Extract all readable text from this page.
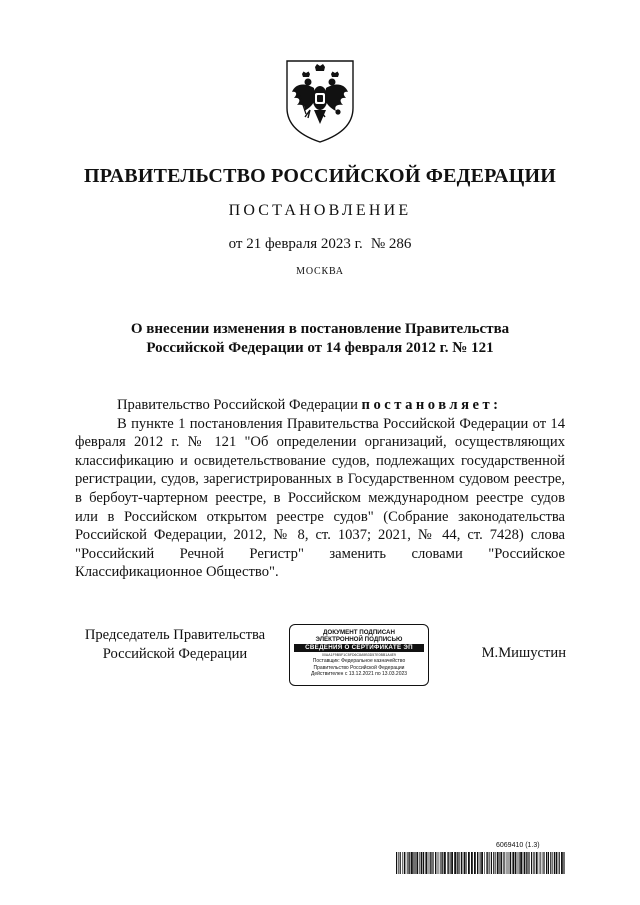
ПРАВИТЕЛЬСТВО РОССИЙСКОЙ ФЕДЕРАЦИИ
ПОСТАНОВЛЕНИЕ
от 21 февраля 2023 г. № 286
МОСКВА
О внесении изменения в постановление Правительства
Российской Федерации от 14 февраля 2012 г. № 121

Правительство Российской Федерации постановляет:

В пункте 1 постановления Правительства Российской Федерации от 14 февраля 2012 г. № 121 "Об определении организаций, осуществляющих классификацию и освидетельствование судов, подлежащих государственной регистрации, судов, зарегистрированных в Государственном судовом реестре, в бербоут-чартерном реестре, в Российском международном реестре судов или в Российском открытом реестре судов" (Собрание законодательства Российской Федерации, 2012, № 8, ст. 1037; 2021, № 44, ст. 7428) слова "Российский Речной Регистр" заменить словами "Российское Классификационное Общество".

Председатель Правительства
Российской Федерации
ДОКУМЕНТ ПОДПИСАН
ЭЛЕКТРОННОЙ ПОДПИСЬЮ
СВЕДЕНИЯ О СЕРТИФИКАТЕ ЭП
00AA1F9B5F1C5FD6C8A9B3D57E0BB1A4E9
Поставщик: Федеральное казначейство
Правительство Российской Федерации
Действителен с 13.12.2021 по 13.03.2023
М.Мишустин
6069410 (1.3)
